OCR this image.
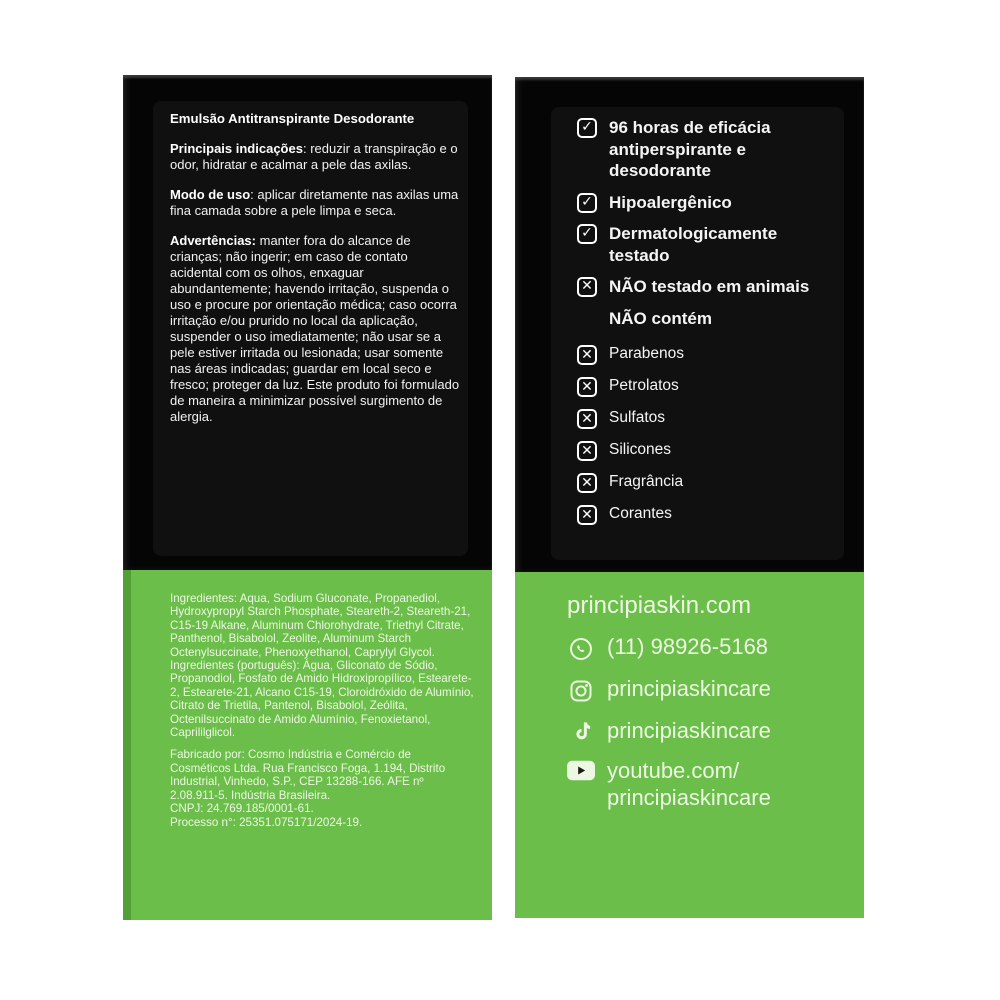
Emulsão Antitranspirante Desodorante

Principais indicações: reduzir a transpiração e o odor, hidratar e acalmar a pele das axilas.

Modo de uso: aplicar diretamente nas axilas uma fina camada sobre a pele limpa e seca.

Advertências: manter fora do alcance de crianças; não ingerir; em caso de contato acidental com os olhos, enxaguar abundantemente; havendo irritação, suspenda o uso e procure por orientação médica; caso ocorra irritação e/ou prurido no local da aplicação, suspender o uso imediatamente; não usar se a pele estiver irritada ou lesionada; usar somente nas áreas indicadas; guardar em local seco e fresco; proteger da luz. Este produto foi formulado de maneira a minimizar possível surgimento de alergia.

Ingredientes: Aqua, Sodium Gluconate, Propanediol, Hydroxypropyl Starch Phosphate, Steareth-2, Steareth-21, C15-19 Alkane, Aluminum Chlorohydrate, Triethyl Citrate, Panthenol, Bisabolol, Zeolite, Aluminum Starch Octenylsuccinate, Phenoxyethanol, Caprylyl Glycol. Ingredientes (português): Água, Gliconato de Sódio, Propanodiol, Fosfato de Amido Hidroxipropílico, Estearete-2, Estearete-21, Alcano C15-19, Cloroidróxido de Alumínio, Citrato de Trietila, Pantenol, Bisabolol, Zeólita, Octenilsuccinato de Amido Alumínio, Fenoxietanol, Caprililglicol.

Fabricado por: Cosmo Indústria e Comércio de Cosméticos Ltda. Rua Francisco Foga, 1.194, Distrito Industrial, Vinhedo, S.P., CEP 13288-166. AFE nº 2.08.911-5. Indústria Brasileira.
CNPJ: 24.769.185/0001-61.
Processo n°: 25351.075171/2024-19.

✓ 96 horas de eficácia antiperspirante e desodorante
✓ Hipoalergênico
✓ Dermatologicamente testado
✕ NÃO testado em animais
NÃO contém
✕ Parabenos
✕ Petrolatos
✕ Sulfatos
✕ Silicones
✕ Fragrância
✕ Corantes
principiaskin.com
(11) 98926-5168
principiaskincare
principiaskincare
youtube.com/
principiaskincare
